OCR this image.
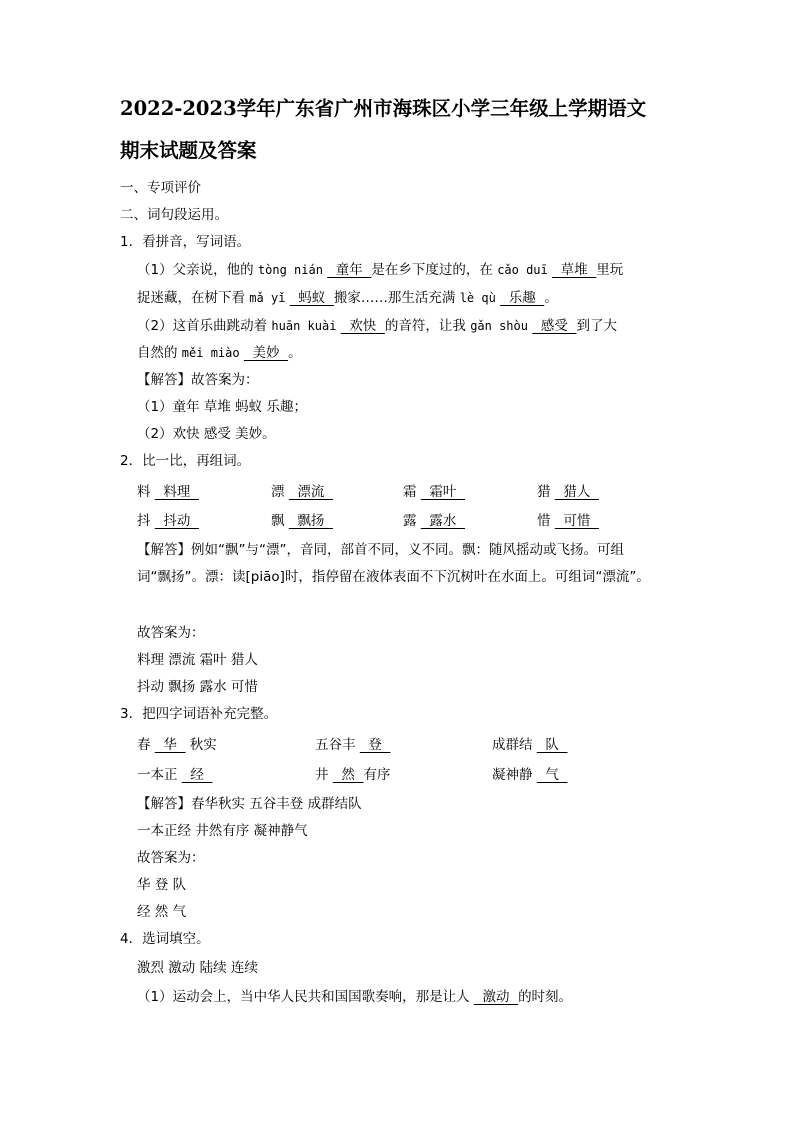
2022-2023学年广东省广州市海珠区小学三年级上学期语文
期末试题及答案
一、专项评价
二、词句段运用。
1．看拼音，写词语。
（1）父亲说，他的 tòng nián   童年  是在乡下度过的，在 cǎo duī   草堆  里玩
捉迷藏，在树下看 mǎ yǐ   蚂蚁  搬家……那生活充满 lè qù   乐趣  。
（2）这首乐曲跳动着 huān kuài   欢快  的音符，让我 gǎn shòu   感受  到了大
自然的 měi miào   美妙  。
【解答】故答案为：
（1）童年 草堆 蚂蚁 乐趣；
（2）欢快 感受 美妙。
2．比一比，再组词。
料   料理	漂   漂流	霜   霜叶	猎   猎人
抖   抖动	飘   飘扬	露   露水	惜   可惜
【解答】例如“飘”与“漂”，音同，部首不同，义不同。飘：随风摇动或飞扬。可组
词“飘扬”。漂：读[piāo]时，指停留在液体表面不下沉树叶在水面上。可组词“漂流”。
故答案为：
料理 漂流 霜叶 猎人
抖动 飘扬 露水 可惜
3．把四字词语补充完整。
春   华   秋实	五谷丰   登	成群结   队
一本正   经	井   然  有序	凝神静   气
【解答】春华秋实 五谷丰登 成群结队
一本正经 井然有序 凝神静气
故答案为：
华 登 队
经 然 气
4．选词填空。
激烈 激动 陆续 连续
（1）运动会上，当中华人民共和国国歌奏响，那是让人   激动  的时刻。
